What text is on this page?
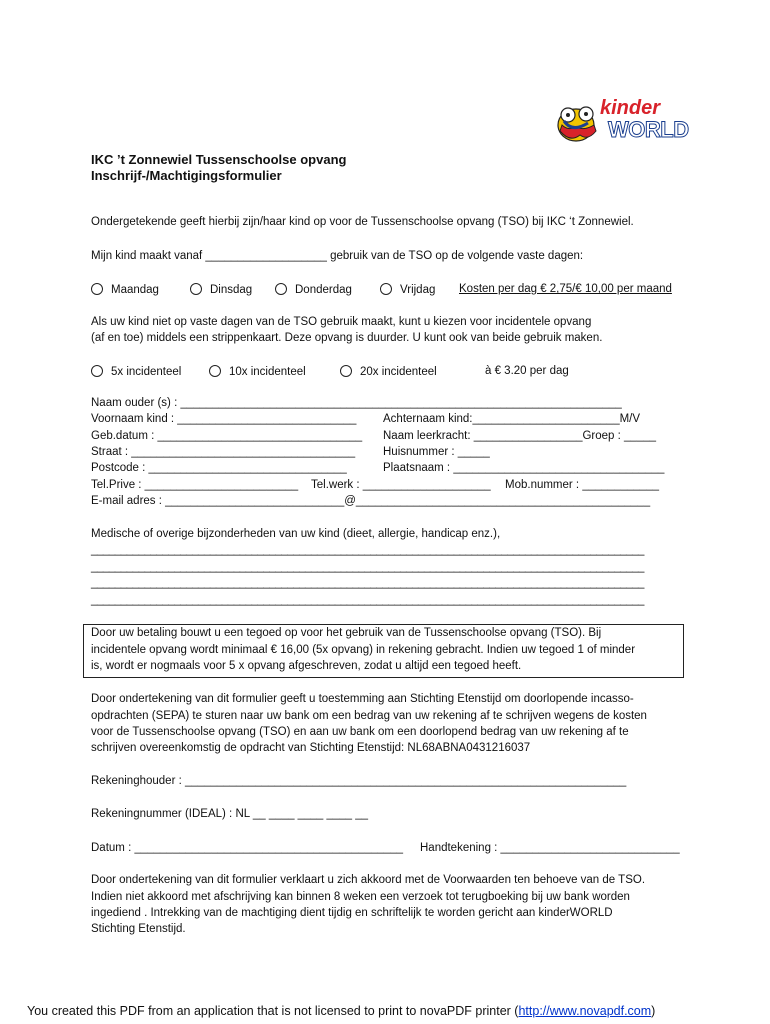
kinder
WORLD
IKC ’t Zonnewiel Tussenschoolse opvang
Inschrijf-/Machtigingsformulier
Ondergetekende geeft hierbij zijn/haar kind op voor de Tussenschoolse opvang (TSO) bij IKC ‘t Zonnewiel.
Mijn kind maakt vanaf ___________________ gebruik van de TSO op de volgende vaste dagen:
Maandag	Dinsdag	Donderdag	Vrijdag Kosten per dag € 2,75/€ 10,00 per maand
Als uw kind niet op vaste dagen van de TSO gebruik maakt, kunt u kiezen voor incidentele opvang
(af en toe) middels een strippenkaart. Deze opvang is duurder. U kunt ook van beide gebruik maken.
5x incidenteel	10x incidenteel	20x incidenteel	à € 3.20 per dag
Naam ouder (s) : _____________________________________________________________________
Voornaam kind : ____________________________ Achternaam kind:_______________________M/V
Geb.datum : ________________________________ Naam leerkracht: _________________Groep : _____
Straat : ___________________________________ Huisnummer : _____
Postcode : _______________________________	Plaatsnaam : _________________________________
Tel.Prive : ________________________ Tel.werk : ____________________ Mob.nummer : ____________
E-mail adres : ____________________________@______________________________________________
Medische of overige bijzonderheden van uw kind (dieet, allergie, handicap enz.),
_____________________________________________________________________________________________
_____________________________________________________________________________________________
_____________________________________________________________________________________________
_____________________________________________________________________________________________
Door uw betaling bouwt u een tegoed op voor het gebruik van de Tussenschoolse opvang (TSO). Bij
incidentele opvang wordt minimaal € 16,00 (5x opvang) in rekening gebracht. Indien uw tegoed 1 of minder
is, wordt er nogmaals voor 5 x opvang afgeschreven, zodat u altijd een tegoed heeft.
Door ondertekening van dit formulier geeft u toestemming aan Stichting Etenstijd om doorlopende incasso-
opdrachten (SEPA) te sturen naar uw bank om een bedrag van uw rekening af te schrijven wegens de kosten
voor de Tussenschoolse opvang (TSO) en aan uw bank om een doorlopend bedrag van uw rekening af te
schrijven overeenkomstig de opdracht van Stichting Etenstijd: NL68ABNA0431216037
Rekeninghouder : _____________________________________________________________________
Rekeningnummer (IDEAL) : NL __ ____ ____ ____ __
Datum : __________________________________________ Handtekening : ____________________________
Door ondertekening van dit formulier verklaart u zich akkoord met de Voorwaarden ten behoeve van de TSO.
Indien niet akkoord met afschrijving kan binnen 8 weken een verzoek tot terugboeking bij uw bank worden
ingediend . Intrekking van de machtiging dient tijdig en schriftelijk te worden gericht aan kinderWORLD
Stichting Etenstijd.
You created this PDF from an application that is not licensed to print to novaPDF printer (http://www.novapdf.com)
